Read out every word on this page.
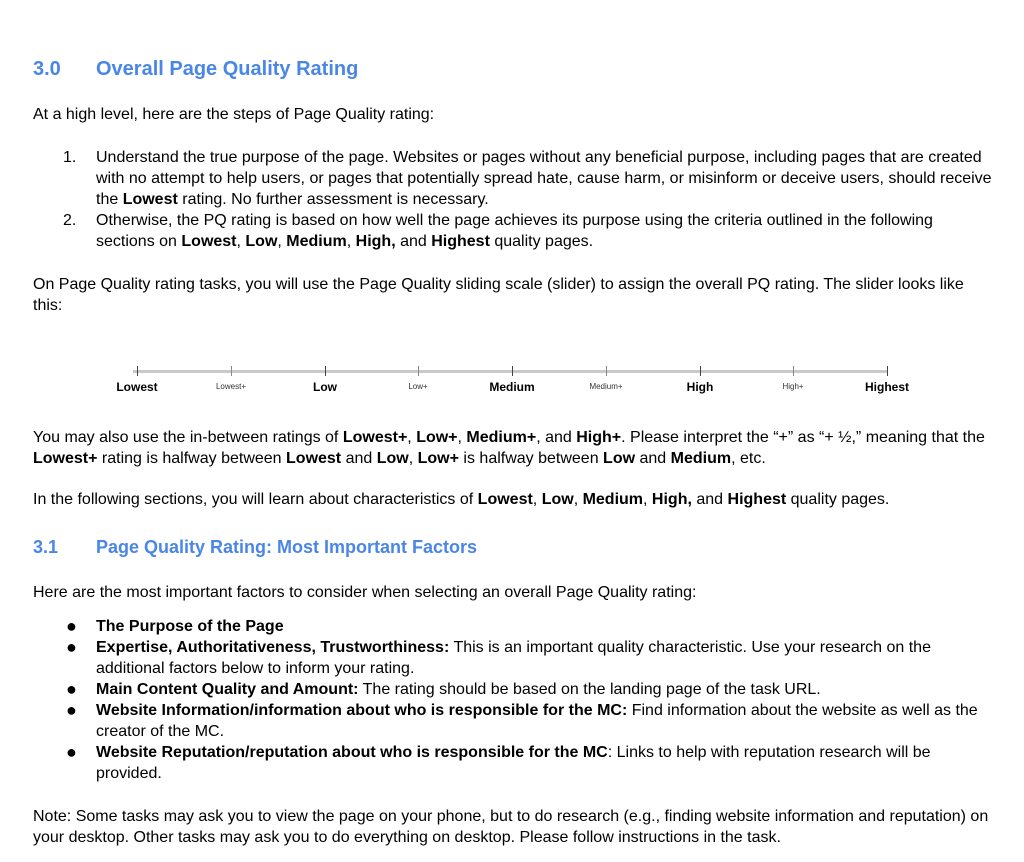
3.0 Overall Page Quality Rating

At a high level, here are the steps of Page Quality rating:

1. Understand the true purpose of the page. Websites or pages without any beneficial purpose, including pages that are created with no attempt to help users, or pages that potentially spread hate, cause harm, or misinform or deceive users, should receive the Lowest rating. No further assessment is necessary.
2. Otherwise, the PQ rating is based on how well the page achieves its purpose using the criteria outlined in the following sections on Lowest, Low, Medium, High, and Highest quality pages.

On Page Quality rating tasks, you will use the Page Quality sliding scale (slider) to assign the overall PQ rating. The slider looks like this:

Lowest	Lowest+	Low	Low+	Medium	Medium+	High	High+	Highest

You may also use the in-between ratings of Lowest+, Low+, Medium+, and High+. Please interpret the “+” as “+ ½,” meaning that the Lowest+ rating is halfway between Lowest and Low, Low+ is halfway between Low and Medium, etc.

In the following sections, you will learn about characteristics of Lowest, Low, Medium, High, and Highest quality pages.

3.1 Page Quality Rating: Most Important Factors

Here are the most important factors to consider when selecting an overall Page Quality rating:

● The Purpose of the Page
● Expertise, Authoritativeness, Trustworthiness: This is an important quality characteristic. Use your research on the additional factors below to inform your rating.
● Main Content Quality and Amount: The rating should be based on the landing page of the task URL.
● Website Information/information about who is responsible for the MC: Find information about the website as well as the creator of the MC.
● Website Reputation/reputation about who is responsible for the MC: Links to help with reputation research will be provided.

Note: Some tasks may ask you to view the page on your phone, but to do research (e.g., finding website information and reputation) on your desktop. Other tasks may ask you to do everything on desktop. Please follow instructions in the task.
